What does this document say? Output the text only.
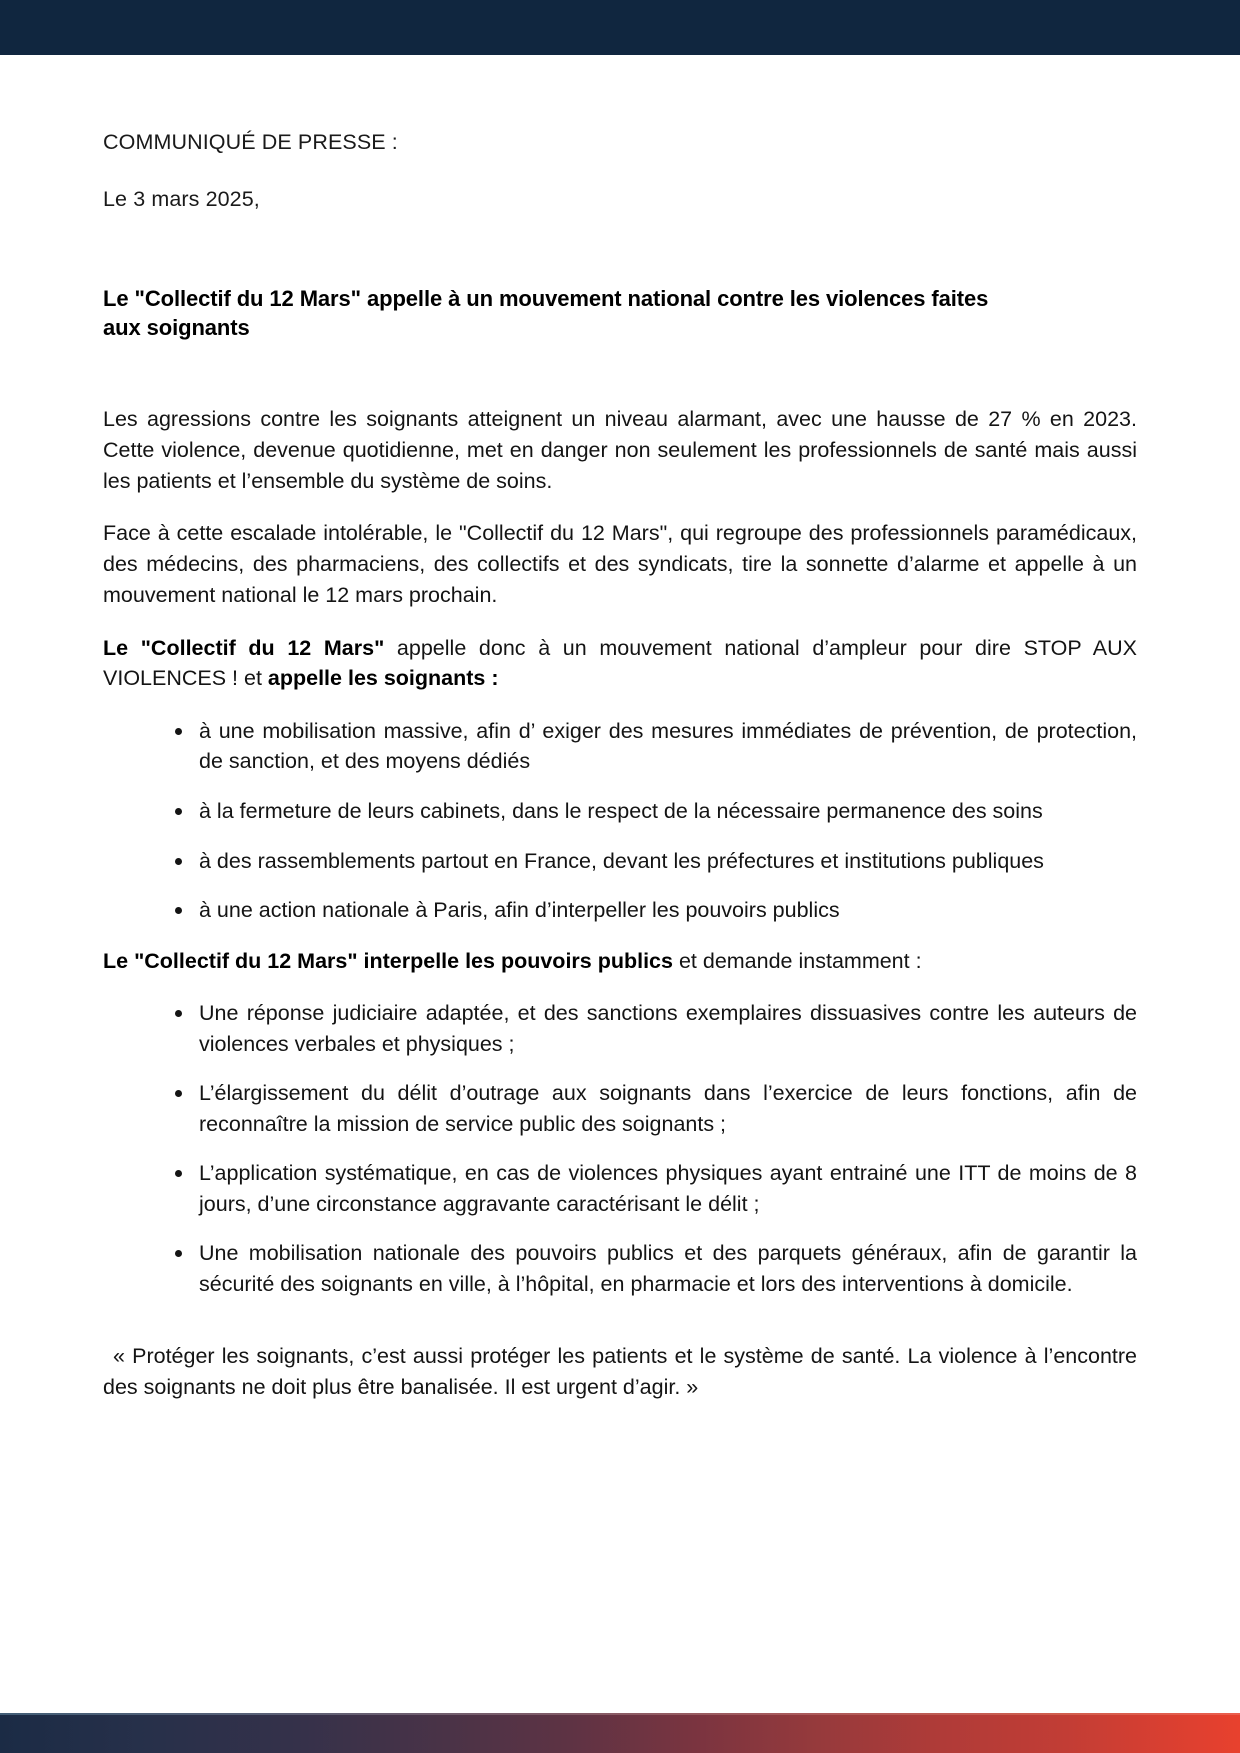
COMMUNIQUÉ DE PRESSE :

Le 3 mars 2025,

Le "Collectif du 12 Mars" appelle à un mouvement national contre les violences faites aux soignants

Les agressions contre les soignants atteignent un niveau alarmant, avec une hausse de 27 % en 2023. Cette violence, devenue quotidienne, met en danger non seulement les professionnels de santé mais aussi les patients et l’ensemble du système de soins.

Face à cette escalade intolérable, le "Collectif du 12 Mars", qui regroupe des professionnels paramédicaux, des médecins, des pharmaciens, des collectifs et des syndicats, tire la sonnette d’alarme et appelle à un mouvement national le 12 mars prochain.

Le "Collectif du 12 Mars" appelle donc à un mouvement national d’ampleur pour dire STOP AUX VIOLENCES ! et appelle les soignants :

à une mobilisation massive, afin d’ exiger des mesures immédiates de prévention, de protection, de sanction, et des moyens dédiés
à la fermeture de leurs cabinets, dans le respect de la nécessaire permanence des soins
à des rassemblements partout en France, devant les préfectures et institutions publiques
à une action nationale à Paris, afin d’interpeller les pouvoirs publics

Le "Collectif du 12 Mars" interpelle les pouvoirs publics et demande instamment :

Une réponse judiciaire adaptée, et des sanctions exemplaires dissuasives contre les auteurs de violences verbales et physiques ;
L’élargissement du délit d’outrage aux soignants dans l’exercice de leurs fonctions, afin de reconnaître la mission de service public des soignants ;
L’application systématique, en cas de violences physiques ayant entrainé une ITT de moins de 8 jours, d’une circonstance aggravante caractérisant le délit ;
Une mobilisation nationale des pouvoirs publics et des parquets généraux, afin de garantir la sécurité des soignants en ville, à l’hôpital, en pharmacie et lors des interventions à domicile.

« Protéger les soignants, c’est aussi protéger les patients et le système de santé. La violence à l’encontre des soignants ne doit plus être banalisée. Il est urgent d’agir. »
